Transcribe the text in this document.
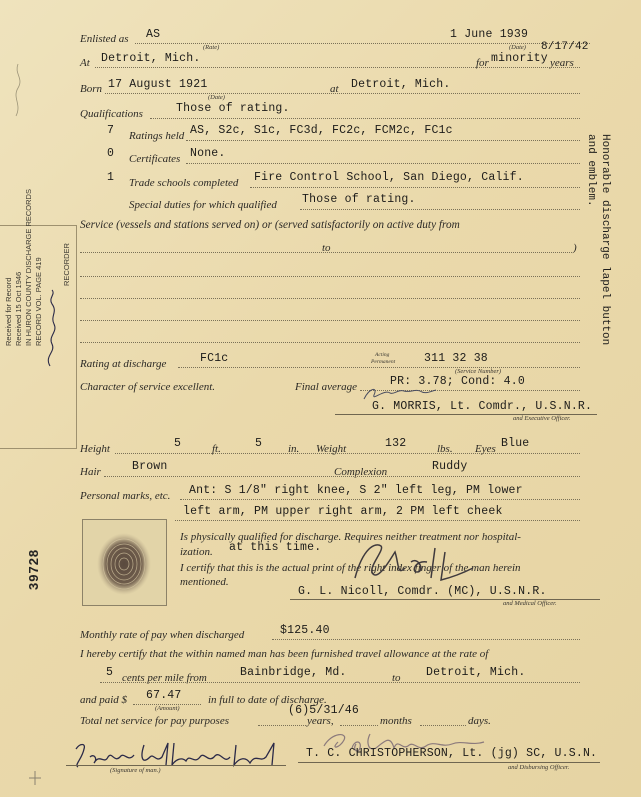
Enlisted as AS	1 June 1939
(Rate)	(Date)
At Detroit, Mich.	for minority years
8/17/42
Born 17 August 1921	at Detroit, Mich.
(Date)
Qualifications	Those of rating.
7 Ratings held AS, S2c, S1c, FC3d, FC2c, FCM2c, FC1c
0 Certificates None.
1 Trade schools completed Fire Control School, San Diego, Calif.
Special duties for which qualified Those of rating.
Service (vessels and stations served on) or (served satisfactorily on active duty from
to	)
Rating at discharge	FC1c	Acting
Permanent	311 32 38
(Service Number)
Character of service excellent.	Final average	PR: 3.78; Cond: 4.0
G. MORRIS, Lt. Comdr., U.S.N.R.
and Executive Officer.
Height	5	ft.	5 in. Weight	132	lbs. Eyes Blue
Hair	Brown	Complexion	Ruddy
Personal marks, etc. Ant: S 1/8" right knee, S 2" left leg, PM lower
left arm, PM upper right arm, 2 PM left cheek
Is physically qualified for discharge. Requires neither treatment nor hospital-
ization. at this time.
I certify that this is the actual print of the right index finger of the man herein
mentioned.
G. L. Nicoll, Comdr. (MC), U.S.N.R.
and Medical Officer.
Monthly rate of pay when discharged	$125.40
I hereby certify that the within named man has been furnished travel allowance at the rate of
5 cents per mile from	Bainbridge, Md.	to Detroit, Mich.
and paid $ 67.47
(Amount)
in full to date of discharge.
Total net service for pay purposes
(6)5/31/46
years,	months	days.
(Signature of man.)
T. C. CHRISTOPHERSON, Lt. (jg) SC, U.S.N.
and Disbursing Officer.
Received for Record Received 15 Oct 1946 IN HURON COUNTY DISCHARGE RECORDS RECORD VOL. PAGE 419	RECORDER
39728
Honorable discharge lapel button
and emblem.
